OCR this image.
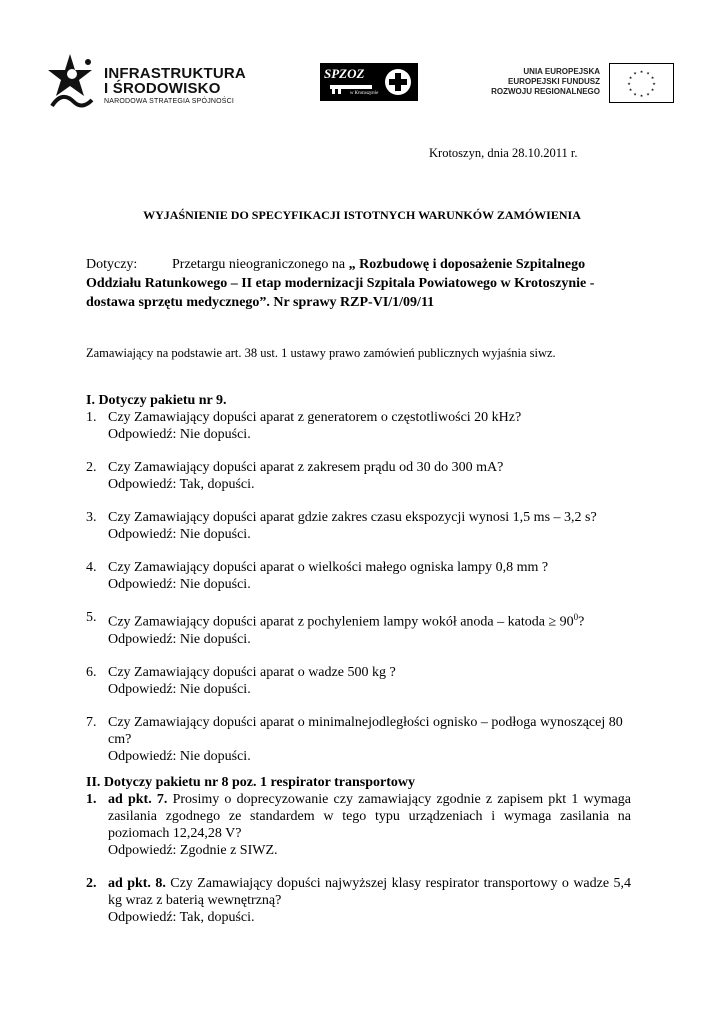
INFRASTRUKTURA
I ŚRODOWISKO
NARODOWA STRATEGIA SPÓJNOŚCI
SPZOZ
w Krotoszynie
UNIA EUROPEJSKA
EUROPEJSKI FUNDUSZ
ROZWOJU REGIONALNEGO
★ ★
★
★
★
★
★
★
★
★
★
★
Krotoszyn, dnia 28.10.2011 r.
WYJAŚNIENIE DO SPECYFIKACJI ISTOTNYCH WARUNKÓW ZAMÓWIENIA
Dotyczy: Przetargu nieograniczonego na „ Rozbudowę i doposażenie Szpitalnego Oddziału Ratunkowego – II etap modernizacji Szpitala Powiatowego w Krotoszynie - dostawa sprzętu medycznego”. Nr sprawy RZP-VI/1/09/11
Zamawiający na podstawie art. 38 ust. 1 ustawy prawo zamówień publicznych wyjaśnia siwz.
I. Dotyczy pakietu nr 9.
1. Czy Zamawiający dopuści aparat z generatorem o częstotliwości 20 kHz?
Odpowiedź: Nie dopuści.
2. Czy Zamawiający dopuści aparat z zakresem prądu od 30 do 300 mA?
Odpowiedź: Tak, dopuści.
3. Czy Zamawiający dopuści aparat gdzie zakres czasu ekspozycji wynosi 1,5 ms – 3,2 s?
Odpowiedź: Nie dopuści.
4. Czy Zamawiający dopuści aparat o wielkości małego ogniska lampy 0,8 mm ?
Odpowiedź: Nie dopuści.
5. Czy Zamawiający dopuści aparat z pochyleniem lampy wokół anoda – katoda ≥ $90^0$?
Odpowiedź: Nie dopuści.
6. Czy Zamawiający dopuści aparat o wadze 500 kg ?
Odpowiedź: Nie dopuści.
7. Czy Zamawiający dopuści aparat o minimalnejodległości ognisko – podłoga wynoszącej 80 cm?
Odpowiedź: Nie dopuści.
II. Dotyczy pakietu nr 8 poz. 1 respirator transportowy
1. ad pkt. 7. Prosimy o doprecyzowanie czy zamawiający zgodnie z zapisem pkt 1 wymaga zasilania zgodnego ze standardem w tego typu urządzeniach i wymaga zasilania na poziomach 12,24,28 V?
Odpowiedź: Zgodnie z SIWZ.
2. ad pkt. 8. Czy Zamawiający dopuści najwyższej klasy respirator transportowy o wadze 5,4 kg wraz z baterią wewnętrzną?
Odpowiedź: Tak, dopuści.
